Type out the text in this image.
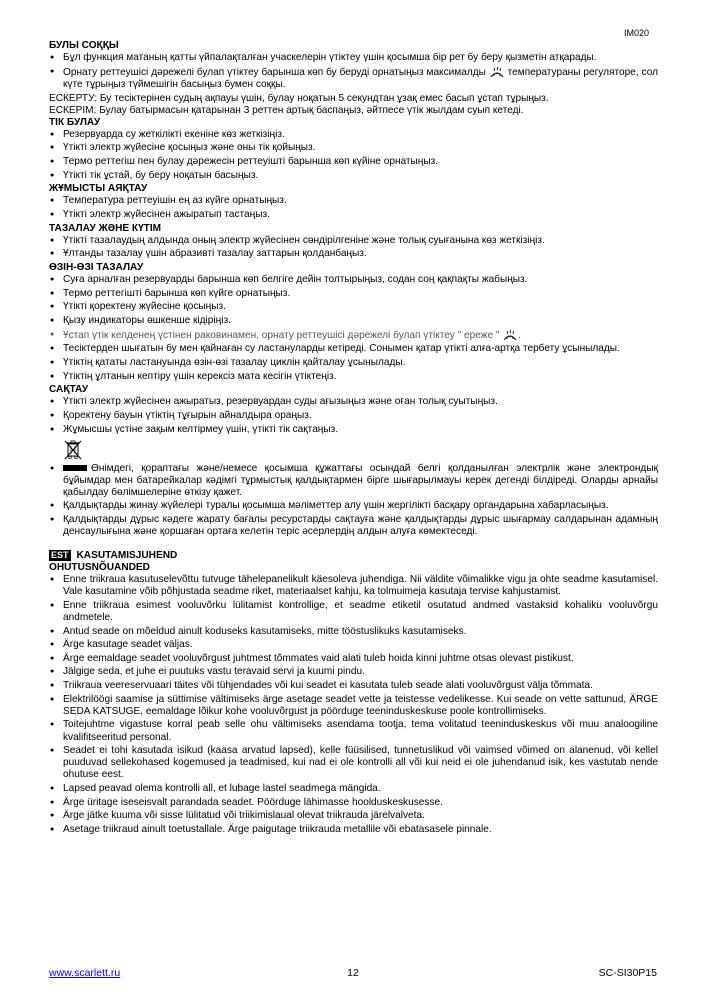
IM020

БУЛЫ СОҚҚЫ

● Бұл функция матаның қатты үйпалақталған учаскелерін үтіктеу үшін қосымша бір рет бу беру қызметін атқарады.

● Орнату реттеушісі дәрежелі булап үтіктеу барынша көп бу беруді орнатыңыз максималды температураны регуляторе, сол күте тұрыңыз түймешігін басыңыз бумен соққы.

ЕСКЕРТУ: Бу тесіктерінен судың ақпауы үшін, булау ноқатын 5 секундтан ұзақ емес басып ұстап тұрыңыз.

ЕСКЕРІМ: Булау батырмасын қатарынан 3 реттен артық баспаңыз, әйтпесе үтік жылдам суып кетеді.

ТІК БУЛАУ

● Резервуарда су жеткілікті екеніне көз жеткізіңіз.

● Үтікті электр жүйесіне қосыңыз және оны тік қойыңыз.

● Термо реттегіш пен булау дәрежесін реттеуішті барынша көп күйіне орнатыңыз.

● Үтікті тік ұстай, бу беру ноқатын басыңыз.

ЖҰМЫСТЫ АЯҚТАУ

● Температура реттеуішін ең аз күйге орнатыңыз.

● Үтікті электр жүйесінен ажыратып тастаңыз.

ТАЗАЛАУ ЖӘНЕ КҮТІМ

● Үтікті тазалаудың алдында оның электр жүйесінен сөндірілгеніне және толық суығанына көз жеткізіңіз.

● Ұлтанды тазалау үшін абразивті тазалау заттарын қолданбаңыз.

ӨЗІН-ӨЗІ ТАЗАЛАУ

● Суға арналған резервуарды барынша көп белгіге дейін толтырыңыз, содан соң қақпақты жабыңыз.

● Термо реттегішті барынша көп күйге орнатыңыз.

● Үтікті қоректену жүйесіне қосыңыз.

● Қызу индикаторы өшкенше кідіріңіз.

● Ұстап үтік келденең үстінен раковинамен, орнату реттеушісі дәрежелі булап үтіктеу " ереже " .

● Тесіктерден шығатын бу мен қайнаған су ластануларды кетіреді. Сонымен қатар үтікті алға-артқа тербету ұсынылады.

● Үтіктің қататы ластануында өзін-өзі тазалау циклін қайталау ұсынылады.

● Үтіктің ұлтанын кептіру үшін керексіз мата кесігін үтіктеңіз.

САҚТАУ

● Үтікті электр жүйесінен ажыратыз, резервуардан суды ағызыңыз және оған толық суытыңыз.

● Қоректену бауын үтіктің тұғырын айналдыра ораңыз.

● Жұмысшы үстіне зақым келтірмеу үшін, үтікті тік сақтаңыз.

● Өнімдегі, қораптағы және/немесе қосымша құжаттағы осындай белгі қолданылған электрлік және электрондық бұйымдар мен батарейкалар кәдімгі тұрмыстық қалдықтармен бірге шығарылмауы керек дегенді білдіреді. Оларды арнайы қабылдау бөлімшелеріне өткізу қажет.

● Қалдықтарды жинау жүйелері туралы қосымша мәліметтер алу үшін жергілікті басқару органдарына хабарласыңыз.

● Қалдықтарды дұрыс кәдеге жарату бағалы ресурстарды сақтауға және қалдықтарды дұрыс шығармау салдарынан адамның денсаулығына және қоршаған ортаға келетін теріс әсерлердің алдын алуға көмектеседі.

EST KASUTAMISJUHEND

OHUTUSNÕUANDED

● Enne triikraua kasutuselevõttu tutvuge tähelepanelikult käesoleva juhendiga. Nii väldite võimalikke vigu ja ohte seadme kasutamisel. Vale kasutamine võib põhjustada seadme riket, materiaalset kahju, ka tolmuimeja kasutaja tervise kahjustamist.

● Enne triikraua esimest vooluvõrku lülitamist kontrollige, et seadme etiketil osutatud andmed vastaksid kohaliku vooluvõrgu andmetele.

● Antud seade on mõeldud ainult koduseks kasutamiseks, mitte tööstuslikuks kasutamiseks.

● Ärge kasutage seadet väljas.

● Ärge eemaldage seadet vooluvõrgust juhtmest tõmmates vaid alati tuleb hoida kinni juhtme otsas olevast pistikust.

● Jälgige seda, et juhe ei puutuks vastu teravaid servi ja kuumi pindu.

● Triikraua veereservuaari täites või tühjendades või kui seadet ei kasutata tuleb seade alati vooluvõrgust välja tõmmata.

● Elektrilöögi saamise ja süttimise vältimiseks ärge asetage seadet vette ja teistesse vedelikesse. Kui seade on vette sattunud, ÄRGE SEDA KATSUGE, eemaldage lõikur kohe vooluvõrgust ja pöörduge teeninduskeskuse poole kontrollimiseks.

● Toitejuhtme vigastuse korral peab selle ohu vältimiseks asendama tootja, tema volitatud teeninduskeskus või muu analoogiline kvalifitseeritud personal.

● Seadet ei tohi kasutada isikud (kaasa arvatud lapsed), kelle füüsilised, tunnetuslikud või vaimsed võimed on alanenud, või kellel puuduvad sellekohased kogemused ja teadmised, kui nad ei ole kontrolli all või kui neid ei ole juhendanud isik, kes vastutab nende ohutuse eest.

● Lapsed peavad olema kontrolli all, et lubage lastel seadmega mängida.

● Ärge üritage iseseisvalt parandada seadet. Pöörduge lähimasse hoolduskeskusesse.

● Ärge jätke kuuma või sisse lülitatud või triikimislaual olevat triikrauda järelvalveta.

● Asetage triikraud ainult toetustallale. Ärge paigutage triikrauda metallile või ebatasasele pinnale.

www.scarlett.ru	12	SC-SI30P15
